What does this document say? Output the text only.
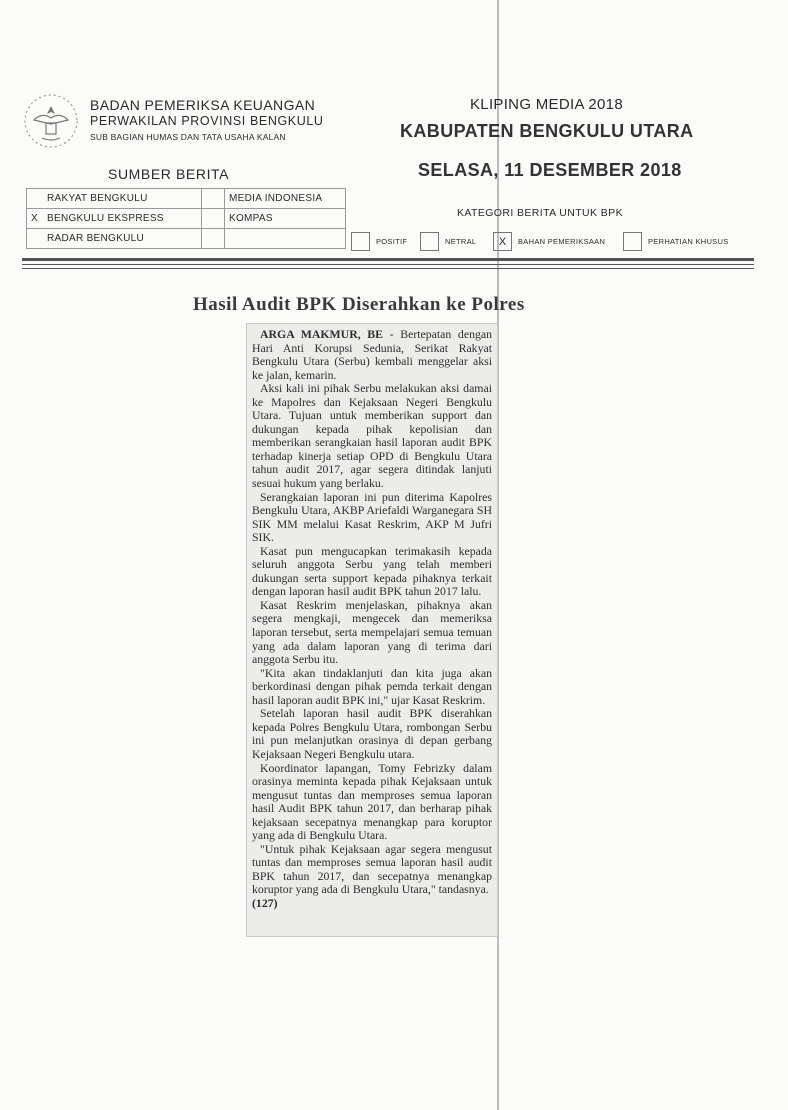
BADAN PEMERIKSA KEUANGAN
PERWAKILAN PROVINSI BENGKULU
SUB BAGIAN HUMAS DAN TATA USAHA KALAN
KLIPING MEDIA 2018
KABUPATEN BENGKULU UTARA
SELASA, 11 DESEMBER 2018
SUMBER BERITA
RAKYAT BENGKULU		MEDIA INDONESIA

X BENGKULU EKSPRESS		KOMPAS
RADAR BENGKULU		
KATEGORI BERITA UNTUK BPK
POSITIF	NETRAL	X	BAHAN PEMERIKSAAN	PERHATIAN KHUSUS
Hasil Audit BPK Diserahkan ke Polres

ARGA MAKMUR, BE - Bertepatan dengan Hari Anti Korupsi Sedunia, Serikat Rakyat Bengkulu Utara (Serbu) kembali menggelar aksi ke jalan, kemarin.

Aksi kali ini pihak Serbu melakukan aksi damai ke Mapolres dan Kejaksaan Negeri Bengkulu Utara. Tujuan untuk memberikan support dan dukungan kepada pihak kepolisian dan memberikan serangkaian hasil laporan audit BPK terhadap kinerja setiap OPD di Bengkulu Utara tahun audit 2017, agar segera ditindak lanjuti sesuai hukum yang berlaku.

Serangkaian laporan ini pun diterima Kapolres Bengkulu Utara, AKBP Ariefaldi Warganegara SH SIK MM melalui Kasat Reskrim, AKP M Jufri SIK.

Kasat pun mengucapkan terimakasih kepada seluruh anggota Serbu yang telah memberi dukungan serta support kepada pihaknya terkait dengan laporan hasil audit BPK tahun 2017 lalu.

Kasat Reskrim menjelaskan, pihaknya akan segera mengkaji, mengecek dan memeriksa laporan tersebut, serta mempelajari semua temuan yang ada dalam laporan yang di terima dari anggota Serbu itu.

"Kita akan tindaklanjuti dan kita juga akan berkordinasi dengan pihak pemda terkait dengan hasil laporan audit BPK ini," ujar Kasat Reskrim.

Setelah laporan hasil audit BPK diserahkan kepada Polres Bengkulu Utara, rombongan Serbu ini pun melanjutkan orasinya di depan gerbang Kejaksaan Negeri Bengkulu utara.

Koordinator lapangan, Tomy Febrizky dalam orasinya meminta kepada pihak Kejaksaan untuk mengusut tuntas dan memproses semua laporan hasil Audit BPK tahun 2017, dan berharap pihak kejaksaan secepatnya menangkap para koruptor yang ada di Bengkulu Utara.

"Untuk pihak Kejaksaan agar segera mengusut tuntas dan memproses semua laporan hasil audit BPK tahun 2017, dan secepatnya menangkap koruptor yang ada di Bengkulu Utara," tandasnya.

(127)
